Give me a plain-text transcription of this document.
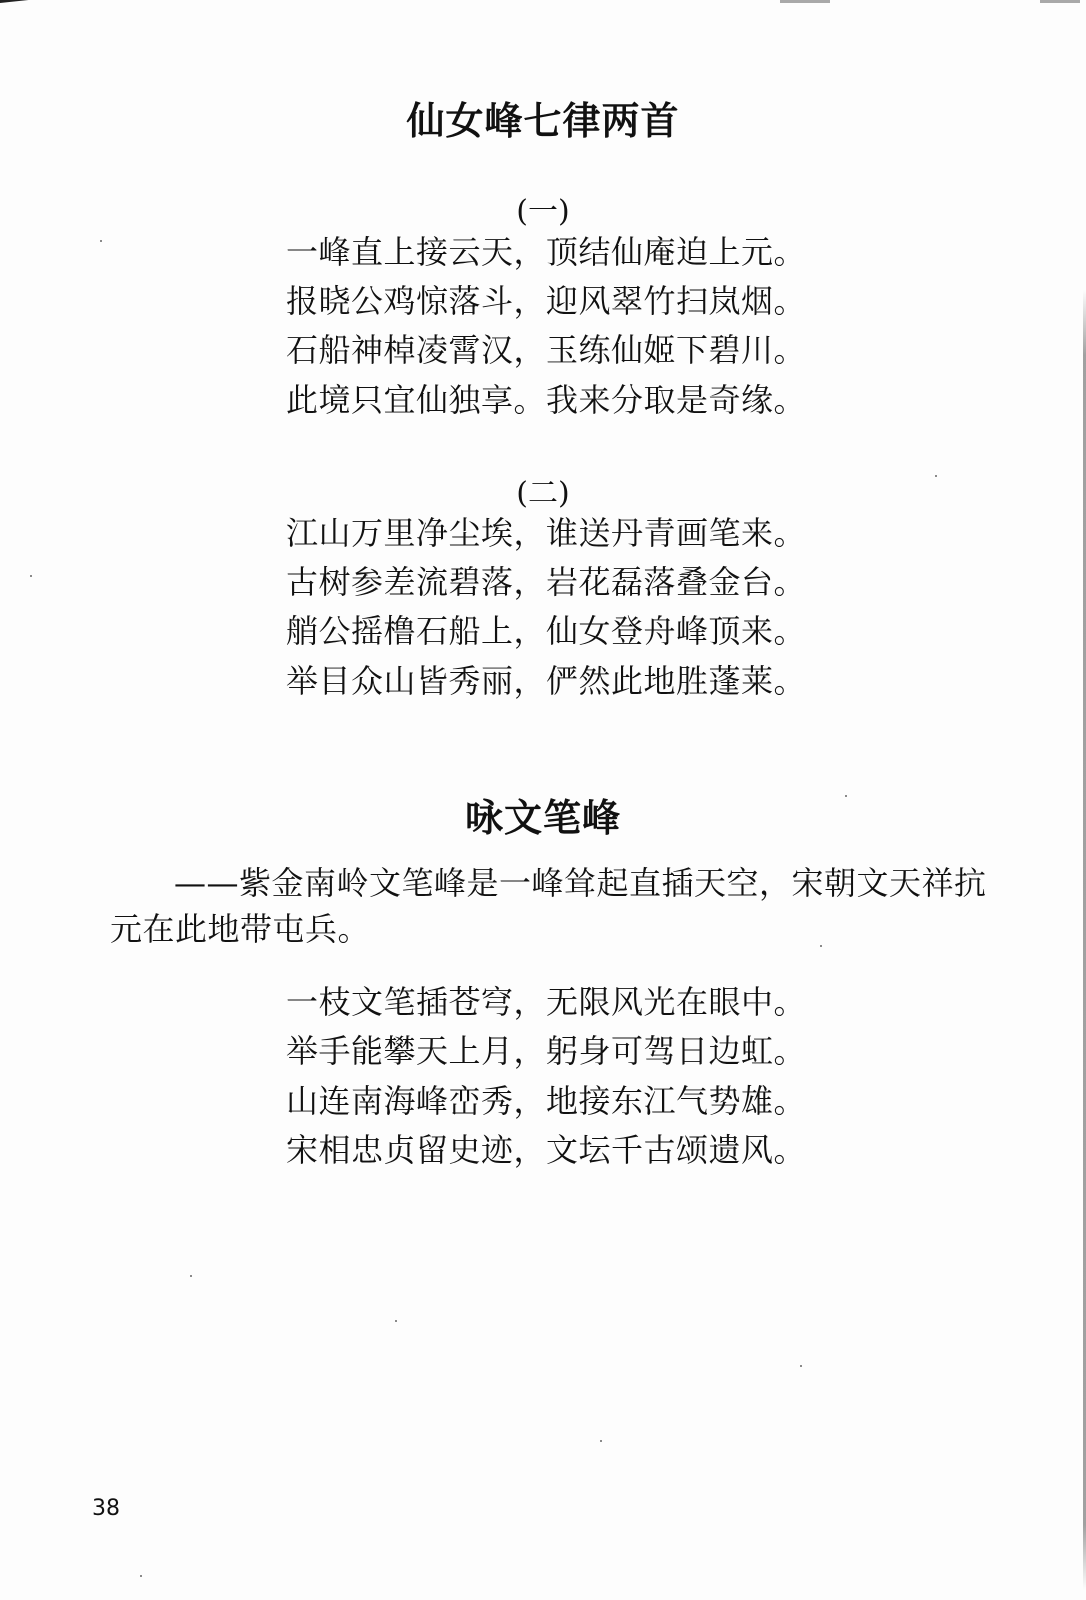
仙女峰七律两首
(一)
一峰直上接云天，顶结仙庵迫上元。
报晓公鸡惊落斗，迎风翠竹扫岚烟。
石船神棹凌霄汉，玉练仙姬下碧川。
此境只宜仙独享。我来分取是奇缘。
(二)
江山万里净尘埃，谁送丹青画笔来。
古树参差流碧落，岩花磊落叠金台。
艄公摇橹石船上，仙女登舟峰顶来。
举目众山皆秀丽，俨然此地胜蓬莱。
咏文笔峰
——紫金南岭文笔峰是一峰耸起直插天空，宋朝文天祥抗元在此地带屯兵。
一枝文笔插苍穹，无限风光在眼中。
举手能攀天上月，躬身可驾日边虹。
山连南海峰峦秀，地接东江气势雄。
宋相忠贞留史迹，文坛千古颂遗风。
38
